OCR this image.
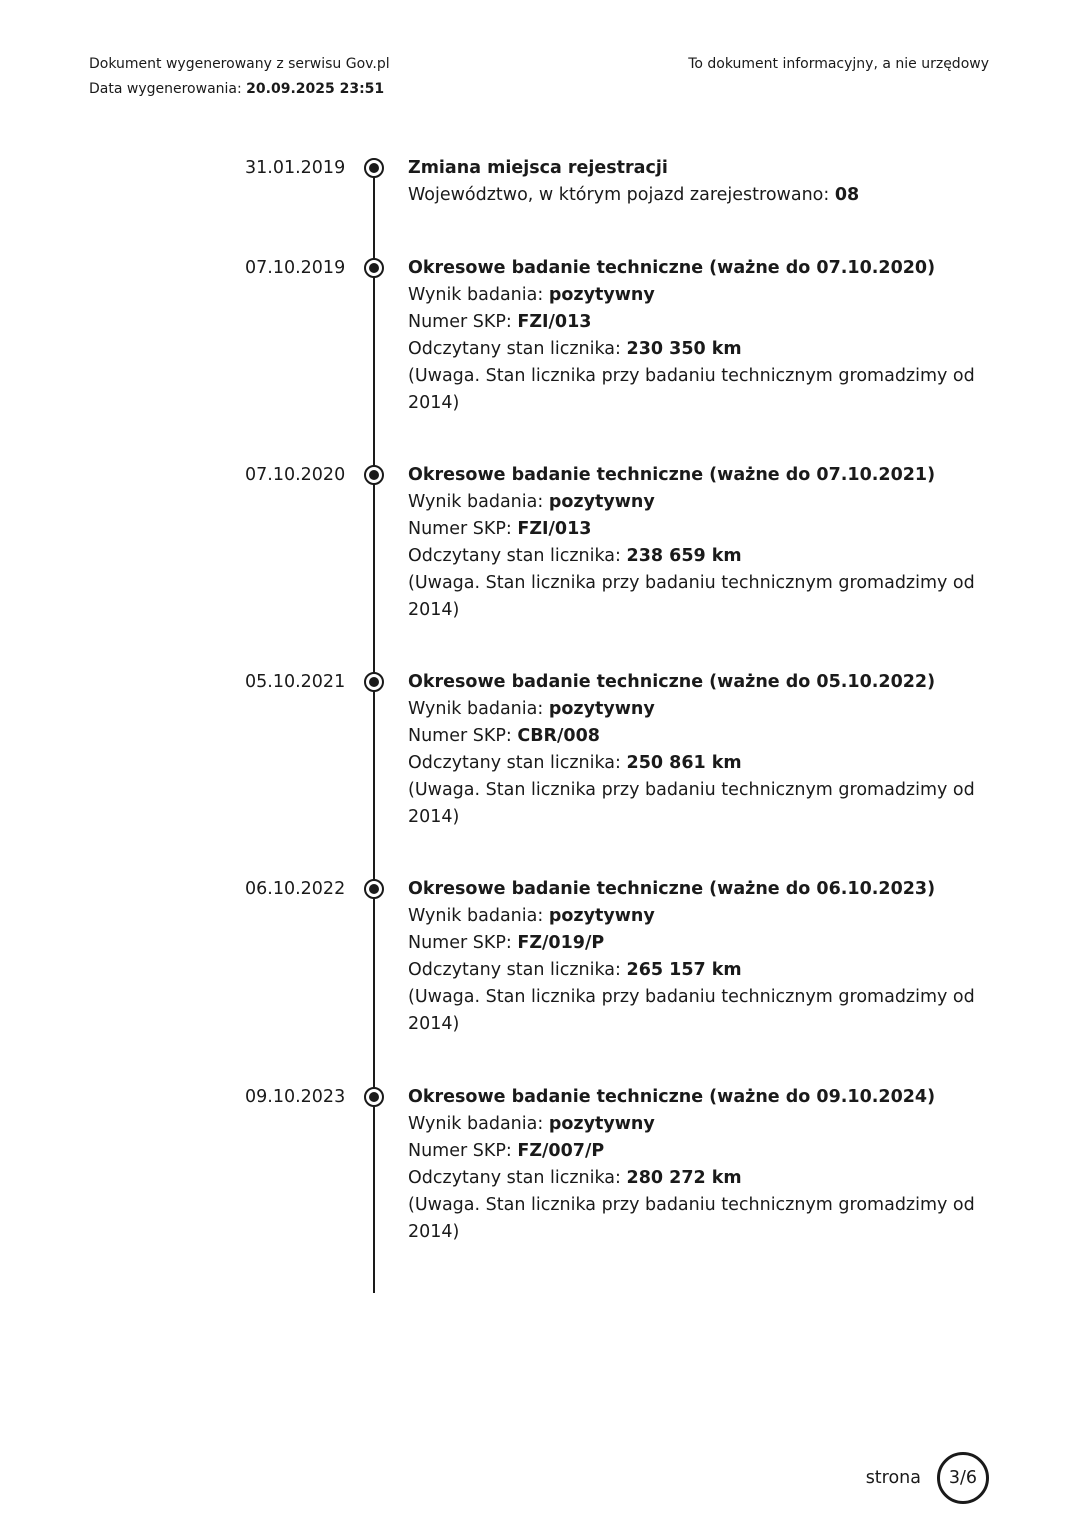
Dokument wygenerowany z serwisu Gov.pl
Data wygenerowania: 20.09.2025 23:51
To dokument informacyjny, a nie urzędowy
31.01.2019	Zmiana miejsca rejestracji
Województwo, w którym pojazd zarejestrowano: 08
07.10.2019	Okresowe badanie techniczne (ważne do 07.10.2020)
Wynik badania: pozytywny
Numer SKP: FZI/013
Odczytany stan licznika: 230 350 km
(Uwaga. Stan licznika przy badaniu technicznym gromadzimy od 2014)
07.10.2020	Okresowe badanie techniczne (ważne do 07.10.2021)
Wynik badania: pozytywny
Numer SKP: FZI/013
Odczytany stan licznika: 238 659 km
(Uwaga. Stan licznika przy badaniu technicznym gromadzimy od 2014)
05.10.2021	Okresowe badanie techniczne (ważne do 05.10.2022)
Wynik badania: pozytywny
Numer SKP: CBR/008
Odczytany stan licznika: 250 861 km
(Uwaga. Stan licznika przy badaniu technicznym gromadzimy od 2014)
06.10.2022	Okresowe badanie techniczne (ważne do 06.10.2023)
Wynik badania: pozytywny
Numer SKP: FZ/019/P
Odczytany stan licznika: 265 157 km
(Uwaga. Stan licznika przy badaniu technicznym gromadzimy od 2014)
09.10.2023	Okresowe badanie techniczne (ważne do 09.10.2024)
Wynik badania: pozytywny
Numer SKP: FZ/007/P
Odczytany stan licznika: 280 272 km
(Uwaga. Stan licznika przy badaniu technicznym gromadzimy od 2014)
strona	3/6
